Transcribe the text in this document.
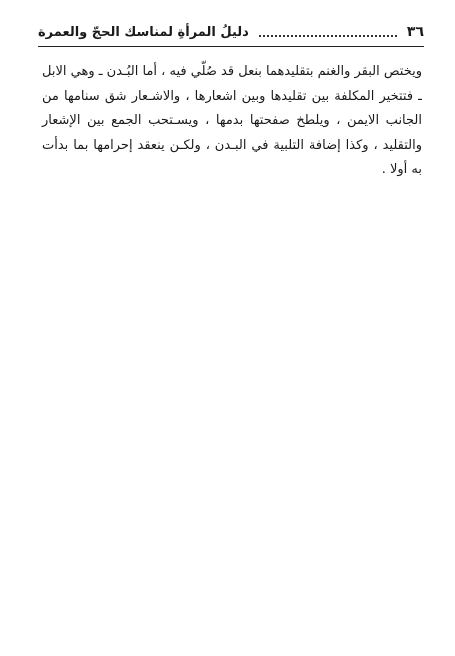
٣٦
دليلُ المرأةِ لمناسك الحجّ والعمرة

ويختص البقر والغنم بتقليدهما بنعل قد صُلّي فيه ، أما البُـدن ـ وهي الابل ـ فتتخير المكلفة بين تقليدها وبين اشعارها ، والاشـعار شق سنامها من الجانب الايمن ، ويلطخ صفحتها بدمها ، ويسـتحب الجمع بين الإشعار والتقليد ، وكذا إضافة التلبية في البـدن ، ولكـن ينعقد إحرامها بما بدأت به أولا .
